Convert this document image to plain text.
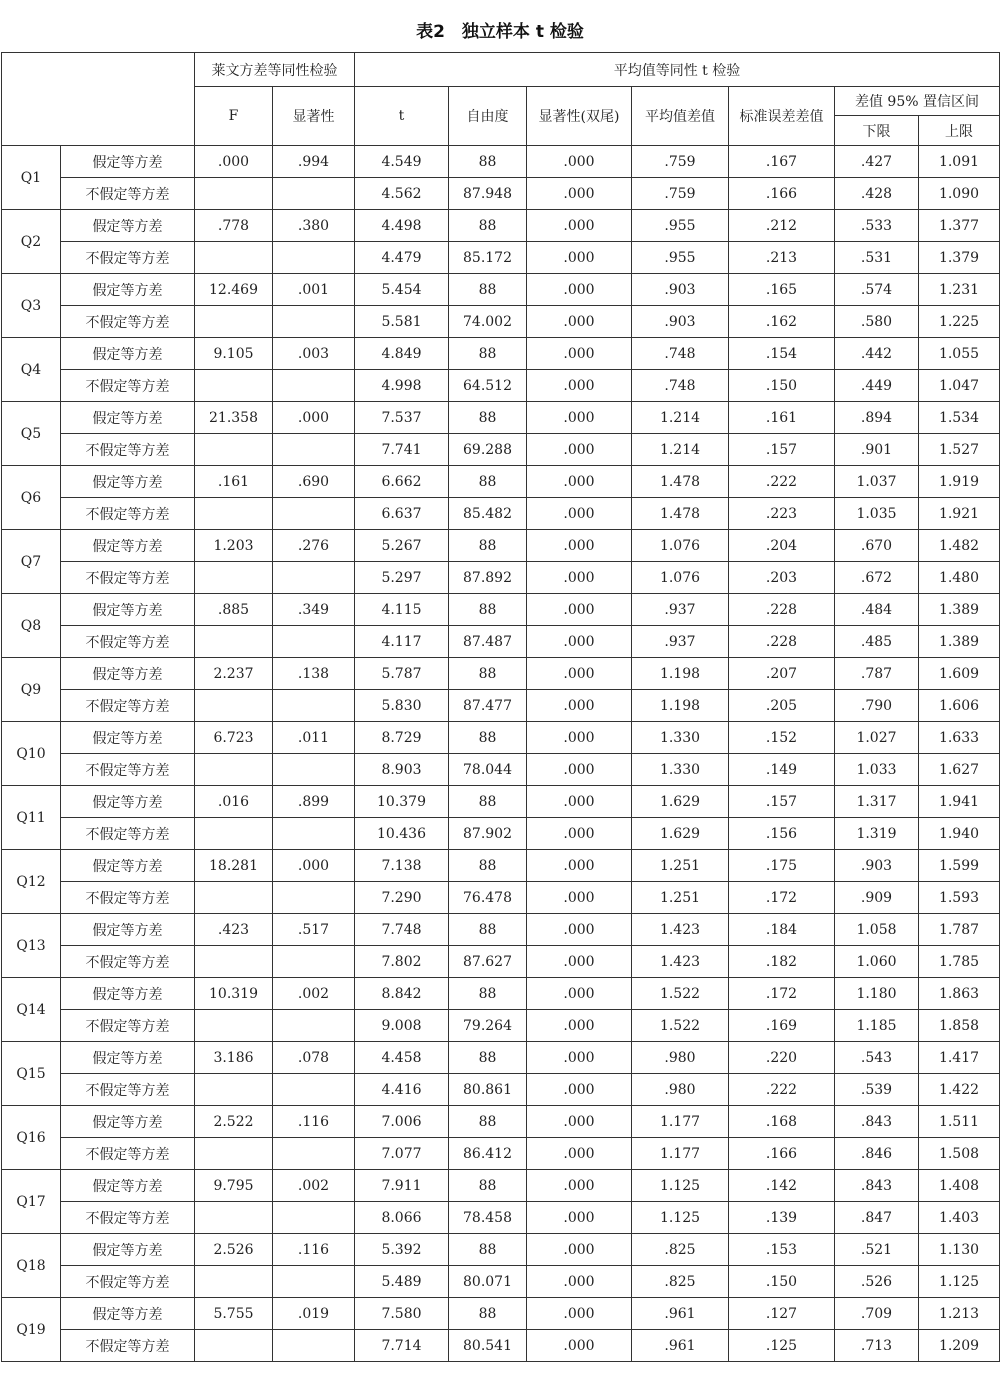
表2　独立样本 t 检验
		莱文方差等同性检验		平均值等同性 t 检验						
		F	显著性	t	自由度	显著性(双尾)	平均值差值	标准误差差值	差值 95% 置信区间	
									下限	上限
Q1	假定等方差	.000	.994	4.549	88	.000	.759	.167	.427	1.091
	不假定等方差			4.562	87.948	.000	.759	.166	.428	1.090
Q2	假定等方差	.778	.380	4.498	88	.000	.955	.212	.533	1.377
	不假定等方差			4.479	85.172	.000	.955	.213	.531	1.379
Q3	假定等方差	12.469	.001	5.454	88	.000	.903	.165	.574	1.231
	不假定等方差			5.581	74.002	.000	.903	.162	.580	1.225
Q4	假定等方差	9.105	.003	4.849	88	.000	.748	.154	.442	1.055
	不假定等方差			4.998	64.512	.000	.748	.150	.449	1.047
Q5	假定等方差	21.358	.000	7.537	88	.000	1.214	.161	.894	1.534
	不假定等方差			7.741	69.288	.000	1.214	.157	.901	1.527
Q6	假定等方差	.161	.690	6.662	88	.000	1.478	.222	1.037	1.919
	不假定等方差			6.637	85.482	.000	1.478	.223	1.035	1.921
Q7	假定等方差	1.203	.276	5.267	88	.000	1.076	.204	.670	1.482
	不假定等方差			5.297	87.892	.000	1.076	.203	.672	1.480
Q8	假定等方差	.885	.349	4.115	88	.000	.937	.228	.484	1.389
	不假定等方差			4.117	87.487	.000	.937	.228	.485	1.389
Q9	假定等方差	2.237	.138	5.787	88	.000	1.198	.207	.787	1.609
	不假定等方差			5.830	87.477	.000	1.198	.205	.790	1.606
Q10	假定等方差	6.723	.011	8.729	88	.000	1.330	.152	1.027	1.633
	不假定等方差			8.903	78.044	.000	1.330	.149	1.033	1.627
Q11	假定等方差	.016	.899	10.379	88	.000	1.629	.157	1.317	1.941
	不假定等方差			10.436	87.902	.000	1.629	.156	1.319	1.940
Q12	假定等方差	18.281	.000	7.138	88	.000	1.251	.175	.903	1.599
	不假定等方差			7.290	76.478	.000	1.251	.172	.909	1.593
Q13	假定等方差	.423	.517	7.748	88	.000	1.423	.184	1.058	1.787
	不假定等方差			7.802	87.627	.000	1.423	.182	1.060	1.785
Q14	假定等方差	10.319	.002	8.842	88	.000	1.522	.172	1.180	1.863
	不假定等方差			9.008	79.264	.000	1.522	.169	1.185	1.858
Q15	假定等方差	3.186	.078	4.458	88	.000	.980	.220	.543	1.417
	不假定等方差			4.416	80.861	.000	.980	.222	.539	1.422
Q16	假定等方差	2.522	.116	7.006	88	.000	1.177	.168	.843	1.511
	不假定等方差			7.077	86.412	.000	1.177	.166	.846	1.508
Q17	假定等方差	9.795	.002	7.911	88	.000	1.125	.142	.843	1.408
	不假定等方差			8.066	78.458	.000	1.125	.139	.847	1.403
Q18	假定等方差	2.526	.116	5.392	88	.000	.825	.153	.521	1.130
	不假定等方差			5.489	80.071	.000	.825	.150	.526	1.125
Q19	假定等方差	5.755	.019	7.580	88	.000	.961	.127	.709	1.213
	不假定等方差			7.714	80.541	.000	.961	.125	.713	1.209
